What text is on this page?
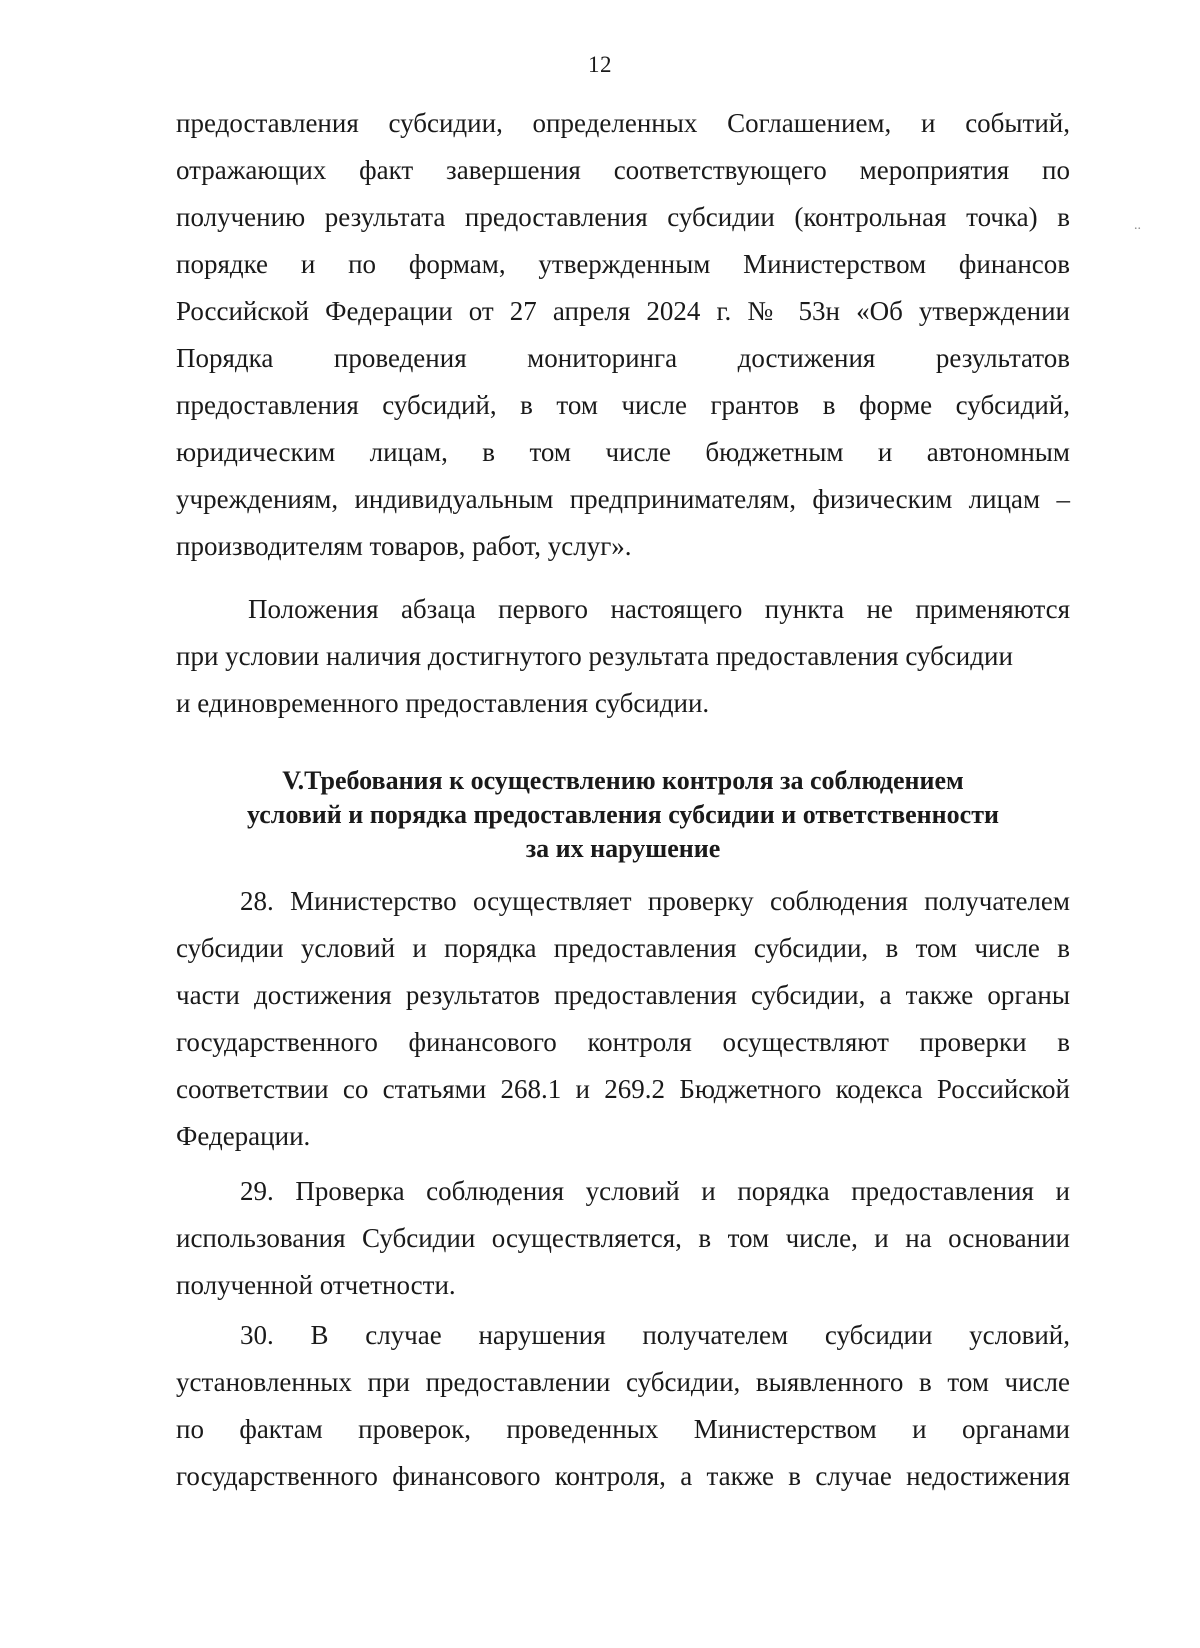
12
предоставления субсидии, определенных Соглашением, и событий,
отражающих факт завершения соответствующего мероприятия по
получению результата предоставления субсидии (контрольная точка) в
порядке и по формам, утвержденным Министерством финансов
Российской Федерации от 27 апреля 2024 г. № 53н «Об утверждении
Порядка проведения мониторинга достижения результатов
предоставления субсидий, в том числе грантов в форме субсидий,
юридическим лицам, в том числе бюджетным и автономным
учреждениям, индивидуальным предпринимателям, физическим лицам –
производителям товаров, работ, услуг».
Положения абзаца первого настоящего пункта не применяются
при условии наличия достигнутого результата предоставления субсидии
и единовременного предоставления субсидии.
V.Требования к осуществлению контроля за соблюдением
условий и порядка предоставления субсидии и ответственности
за их нарушение
28. Министерство осуществляет проверку соблюдения получателем
субсидии условий и порядка предоставления субсидии, в том числе в
части достижения результатов предоставления субсидии, а также органы
государственного финансового контроля осуществляют проверки в
соответствии со статьями 268.1 и 269.2 Бюджетного кодекса Российской
Федерации.
29. Проверка соблюдения условий и порядка предоставления и
использования Субсидии осуществляется, в том числе, и на основании
полученной отчетности.
30. В случае нарушения получателем субсидии условий,
установленных при предоставлении субсидии, выявленного в том числе
по фактам проверок, проведенных Министерством и органами
государственного финансового контроля, а также в случае недостижения
..
